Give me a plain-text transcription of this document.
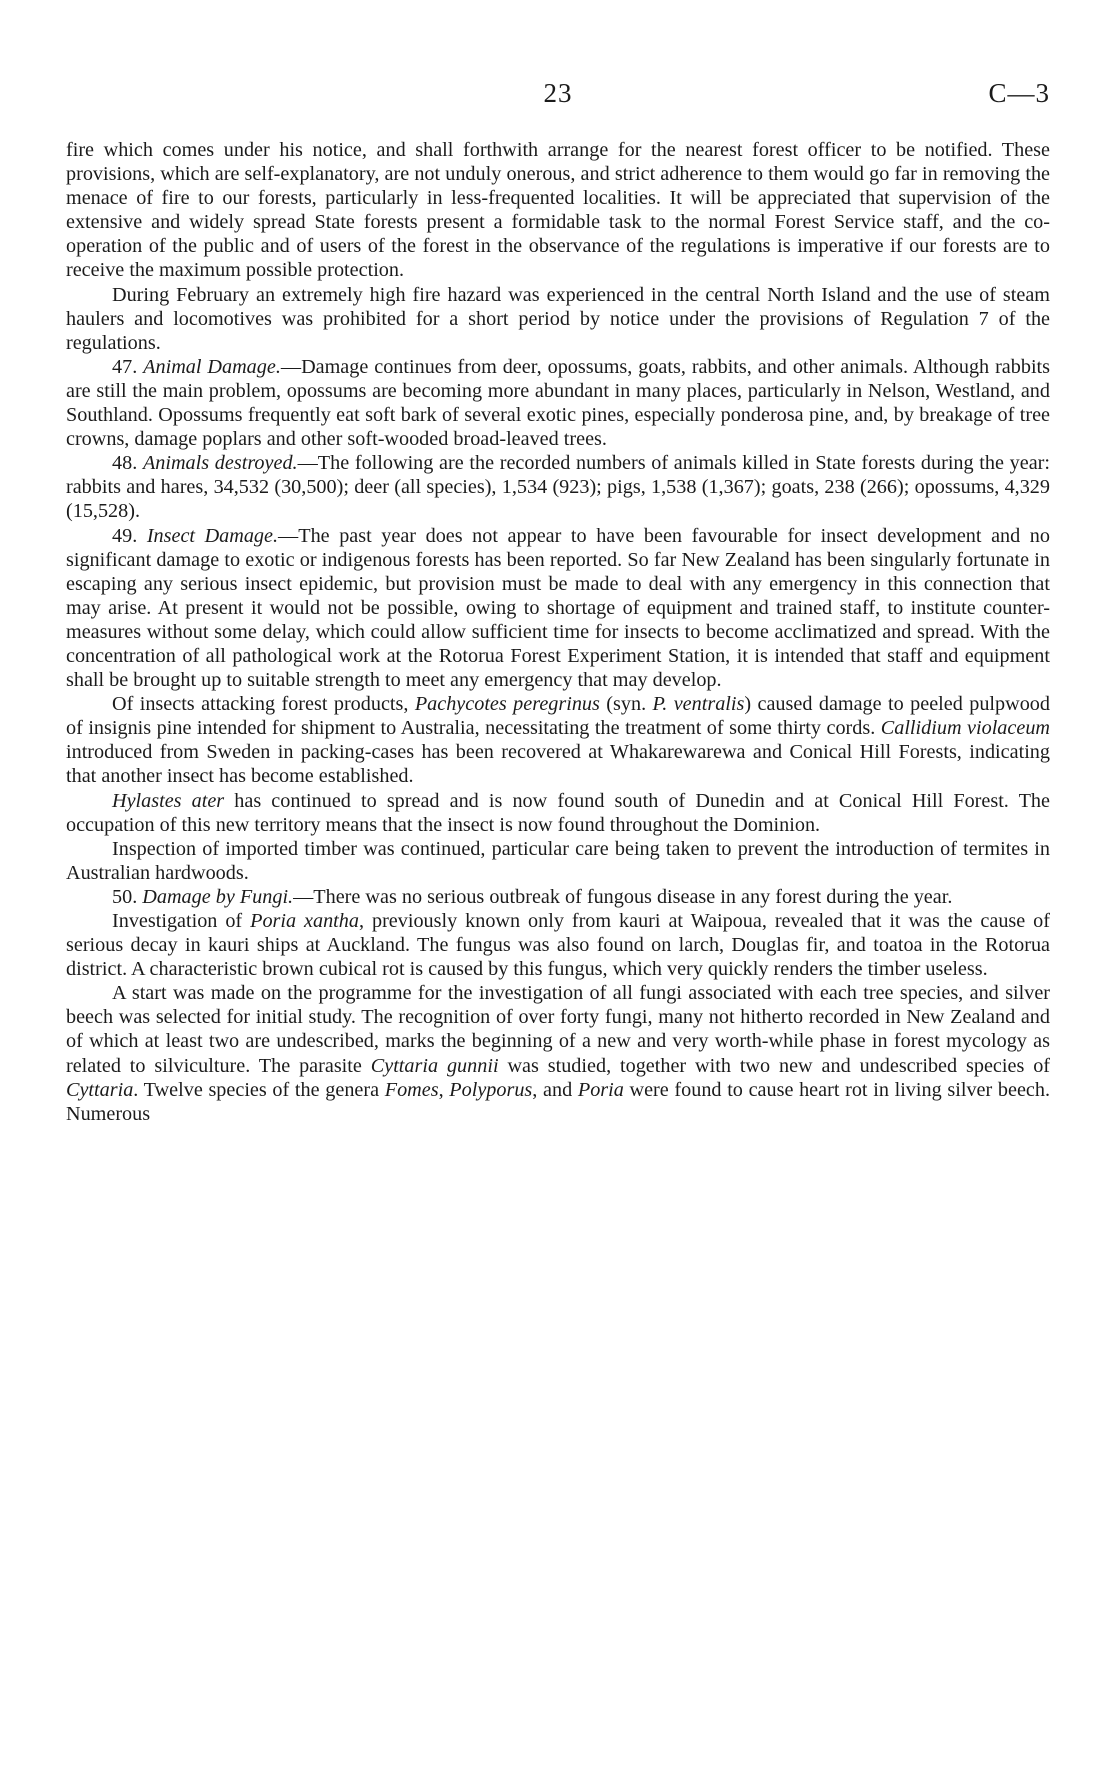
23	C—3

fire which comes under his notice, and shall forthwith arrange for the nearest forest officer to be notified. These provisions, which are self-explanatory, are not unduly onerous, and strict adherence to them would go far in removing the menace of fire to our forests, particularly in less-frequented localities. It will be appreciated that supervision of the extensive and widely spread State forests present a formidable task to the normal Forest Service staff, and the co-operation of the public and of users of the forest in the observance of the regulations is imperative if our forests are to receive the maximum possible protection.

During February an extremely high fire hazard was experienced in the central North Island and the use of steam haulers and locomotives was prohibited for a short period by notice under the provisions of Regulation 7 of the regulations.

47. Animal Damage.—Damage continues from deer, opossums, goats, rabbits, and other animals. Although rabbits are still the main problem, opossums are becoming more abundant in many places, particularly in Nelson, Westland, and Southland. Opossums frequently eat soft bark of several exotic pines, especially ponderosa pine, and, by breakage of tree crowns, damage poplars and other soft-wooded broad-leaved trees.

48. Animals destroyed.—The following are the recorded numbers of animals killed in State forests during the year: rabbits and hares, 34,532 (30,500); deer (all species), 1,534 (923); pigs, 1,538 (1,367); goats, 238 (266); opossums, 4,329 (15,528).

49. Insect Damage.—The past year does not appear to have been favourable for insect development and no significant damage to exotic or indigenous forests has been reported. So far New Zealand has been singularly fortunate in escaping any serious insect epidemic, but provision must be made to deal with any emergency in this connection that may arise. At present it would not be possible, owing to shortage of equipment and trained staff, to institute counter-measures without some delay, which could allow sufficient time for insects to become acclimatized and spread. With the concentration of all pathological work at the Rotorua Forest Experiment Station, it is intended that staff and equipment shall be brought up to suitable strength to meet any emergency that may develop.

Of insects attacking forest products, Pachycotes peregrinus (syn. P. ventralis) caused damage to peeled pulpwood of insignis pine intended for shipment to Australia, necessitating the treatment of some thirty cords. Callidium violaceum introduced from Sweden in packing-cases has been recovered at Whakarewarewa and Conical Hill Forests, indicating that another insect has become established.

Hylastes ater has continued to spread and is now found south of Dunedin and at Conical Hill Forest. The occupation of this new territory means that the insect is now found throughout the Dominion.

Inspection of imported timber was continued, particular care being taken to prevent the introduction of termites in Australian hardwoods.

50. Damage by Fungi.—There was no serious outbreak of fungous disease in any forest during the year.

Investigation of Poria xantha, previously known only from kauri at Waipoua, revealed that it was the cause of serious decay in kauri ships at Auckland. The fungus was also found on larch, Douglas fir, and toatoa in the Rotorua district. A characteristic brown cubical rot is caused by this fungus, which very quickly renders the timber useless.

A start was made on the programme for the investigation of all fungi associated with each tree species, and silver beech was selected for initial study. The recognition of over forty fungi, many not hitherto recorded in New Zealand and of which at least two are undescribed, marks the beginning of a new and very worth-while phase in forest mycology as related to silviculture. The parasite Cyttaria gunnii was studied, together with two new and undescribed species of Cyttaria. Twelve species of the genera Fomes, Polyporus, and Poria were found to cause heart rot in living silver beech. Numerous
